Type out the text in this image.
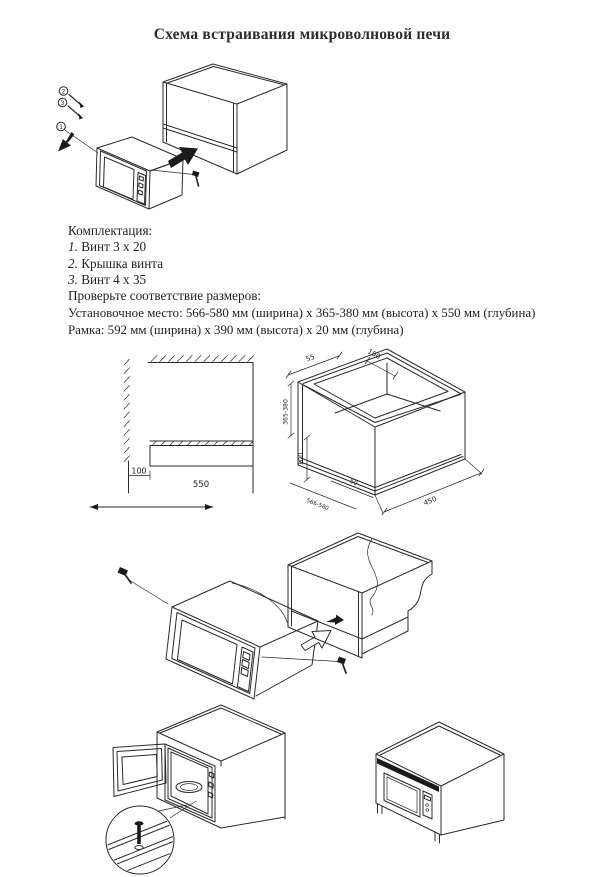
Схема встраивания микроволновой печи
2
3
1
Комплектация:
1. Винт 3 х 20
2. Крышка винта
3. Винт 4 х 35
Проверьте соответствие размеров:
Установочное место: 566-580 мм (ширина) х 365-380 мм (высота) х 550 мм (глубина)
Рамка: 592 мм (ширина) х 390 мм (высота) х 20 мм (глубина)
100
550
55	100
365-380
100
566-580
50
450
